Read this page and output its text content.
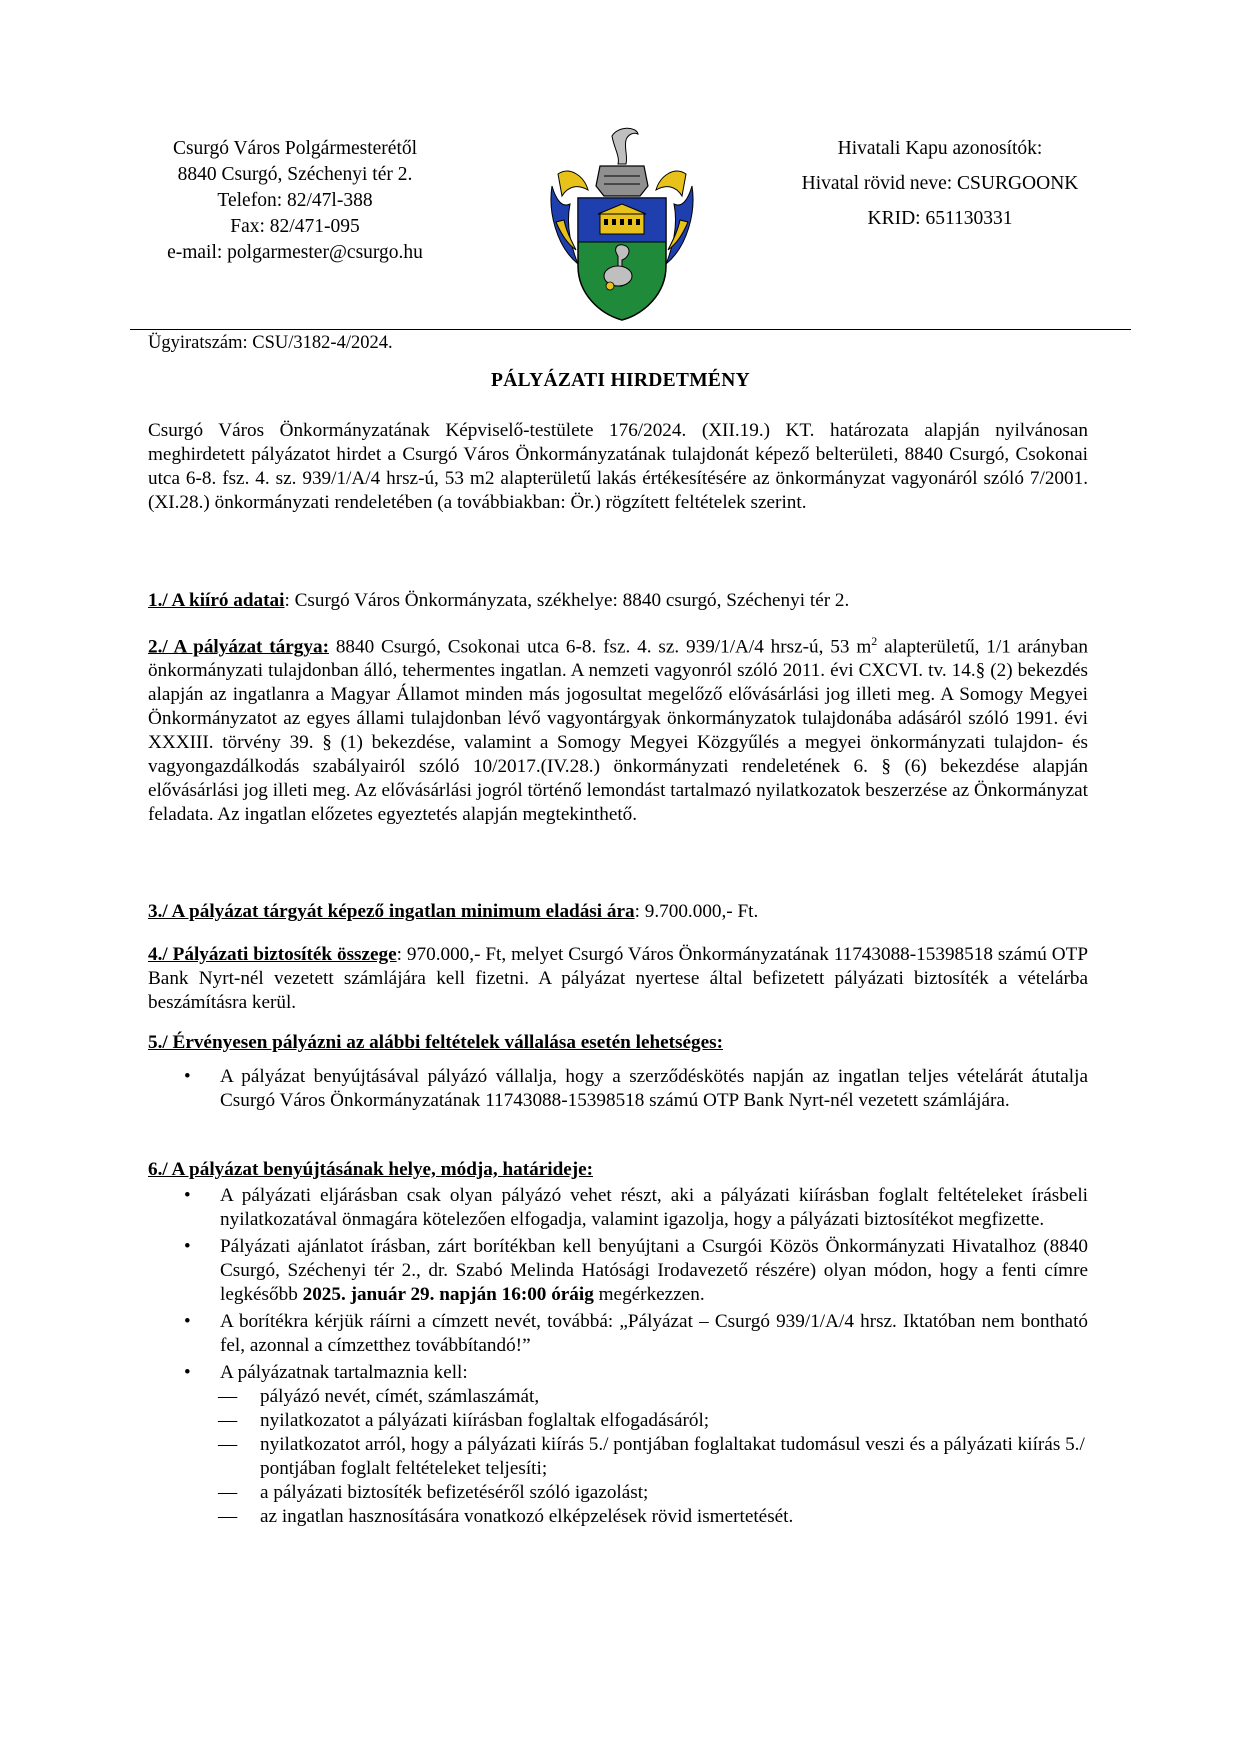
Csurgó Város Polgármesterétől
8840 Csurgó, Széchenyi tér 2.
Telefon: 82/47l-388
Fax: 82/471-095
e-mail: polgarmester@csurgo.hu
Hivatali Kapu azonosítók:
Hivatal rövid neve: CSURGOONK
KRID: 651130331
Ügyiratszám: CSU/3182-4/2024.
PÁLYÁZATI HIRDETMÉNY
Csurgó Város Önkormányzatának Képviselő-testülete 176/2024. (XII.19.) KT. határozata alapján nyilvánosan meghirdetett pályázatot hirdet a Csurgó Város Önkormányzatának tulajdonát képező belterületi, 8840 Csurgó, Csokonai utca 6-8. fsz. 4. sz. 939/1/A/4 hrsz-ú, 53 m2 alapterületű lakás értékesítésére az önkormányzat vagyonáról szóló 7/2001. (XI.28.) önkormányzati rendeletében (a továbbiakban: Ör.) rögzített feltételek szerint.
1./ A kiíró adatai: Csurgó Város Önkormányzata, székhelye: 8840 csurgó, Széchenyi tér 2.
2./ A pályázat tárgya: 8840 Csurgó, Csokonai utca 6-8. fsz. 4. sz. 939/1/A/4 hrsz-ú, 53 $m^2$ alapterületű, 1/1 arányban önkormányzati tulajdonban álló, tehermentes ingatlan. A nemzeti vagyonról szóló 2011. évi CXCVI. tv. 14.§ (2) bekezdés alapján az ingatlanra a Magyar Államot minden más jogosultat megelőző elővásárlási jog illeti meg. A Somogy Megyei Önkormányzatot az egyes állami tulajdonban lévő vagyontárgyak önkormányzatok tulajdonába adásáról szóló 1991. évi XXXIII. törvény 39. § (1) bekezdése, valamint a Somogy Megyei Közgyűlés a megyei önkormányzati tulajdon- és vagyongazdálkodás szabályairól szóló 10/2017.(IV.28.) önkormányzati rendeletének 6. § (6) bekezdése alapján elővásárlási jog illeti meg. Az elővásárlási jogról történő lemondást tartalmazó nyilatkozatok beszerzése az Önkormányzat feladata. Az ingatlan előzetes egyeztetés alapján megtekinthető.
3./ A pályázat tárgyát képező ingatlan minimum eladási ára: 9.700.000,- Ft.
4./ Pályázati biztosíték összege: 970.000,- Ft, melyet Csurgó Város Önkormányzatának 11743088-15398518 számú OTP Bank Nyrt-nél vezetett számlájára kell fizetni. A pályázat nyertese által befizetett pályázati biztosíték a vételárba beszámításra kerül.
5./ Érvényesen pályázni az alábbi feltételek vállalása esetén lehetséges:
• A pályázat benyújtásával pályázó vállalja, hogy a szerződéskötés napján az ingatlan teljes vételárát átutalja Csurgó Város Önkormányzatának 11743088-15398518 számú OTP Bank Nyrt-nél vezetett számlájára.
6./ A pályázat benyújtásának helye, módja, határideje:
• A pályázati eljárásban csak olyan pályázó vehet részt, aki a pályázati kiírásban foglalt feltételeket írásbeli nyilatkozatával önmagára kötelezően elfogadja, valamint igazolja, hogy a pályázati biztosítékot megfizette.
• Pályázati ajánlatot írásban, zárt borítékban kell benyújtani a Csurgói Közös Önkormányzati Hivatalhoz (8840 Csurgó, Széchenyi tér 2., dr. Szabó Melinda Hatósági Irodavezető részére) olyan módon, hogy a fenti címre legkésőbb 2025. január 29. napján 16:00 óráig megérkezzen.
• A borítékra kérjük ráírni a címzett nevét, továbbá: „Pályázat – Csurgó 939/1/A/4 hrsz. Iktatóban nem bontható fel, azonnal a címzetthez továbbítandó!”
• A pályázatnak tartalmaznia kell:
— pályázó nevét, címét, számlaszámát,
— nyilatkozatot a pályázati kiírásban foglaltak elfogadásáról;
— nyilatkozatot arról, hogy a pályázati kiírás 5./ pontjában foglaltakat tudomásul veszi és a pályázati kiírás 5./ pontjában foglalt feltételeket teljesíti;
— a pályázati biztosíték befizetéséről szóló igazolást;
— az ingatlan hasznosítására vonatkozó elképzelések rövid ismertetését.
